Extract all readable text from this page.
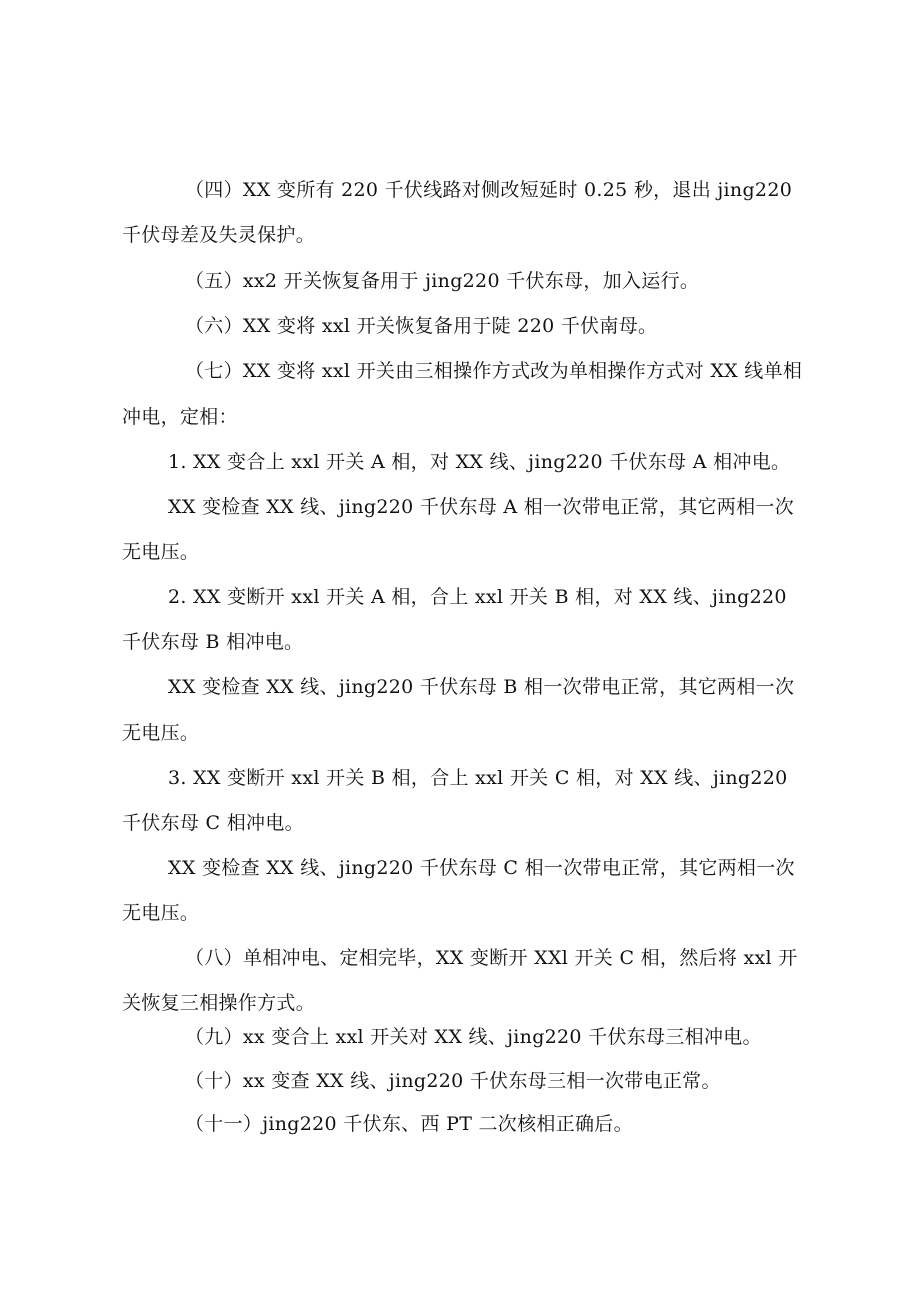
（四）XX 变所有 220 千伏线路对侧改短延时 0.25 秒，退出 jing220
千伏母差及失灵保护。
（五）xx2 开关恢复备用于 jing220 千伏东母，加入运行。
（六）XX 变将 xxl 开关恢复备用于陡 220 千伏南母。
（七）XX 变将 xxl 开关由三相操作方式改为单相操作方式对 XX 线单相
冲电，定相：
1. XX 变合上 xxl 开关 A 相，对 XX 线、jing220 千伏东母 A 相冲电。
XX 变检查 XX 线、jing220 千伏东母 A 相一次带电正常，其它两相一次
无电压。
2. XX 变断开 xxl 开关 A 相，合上 xxl 开关 B 相，对 XX 线、jing220
千伏东母 B 相冲电。
XX 变检查 XX 线、jing220 千伏东母 B 相一次带电正常，其它两相一次
无电压。
3. XX 变断开 xxl 开关 B 相，合上 xxl 开关 C 相，对 XX 线、jing220
千伏东母 C 相冲电。
XX 变检查 XX 线、jing220 千伏东母 C 相一次带电正常，其它两相一次
无电压。
（八）单相冲电、定相完毕，XX 变断开 XXl 开关 C 相，然后将 xxl 开
关恢复三相操作方式。
（九）xx 变合上 xxl 开关对 XX 线、jing220 千伏东母三相冲电。
（十）xx 变查 XX 线、jing220 千伏东母三相一次带电正常。
（十一）jing220 千伏东、西 PT 二次核相正确后。
